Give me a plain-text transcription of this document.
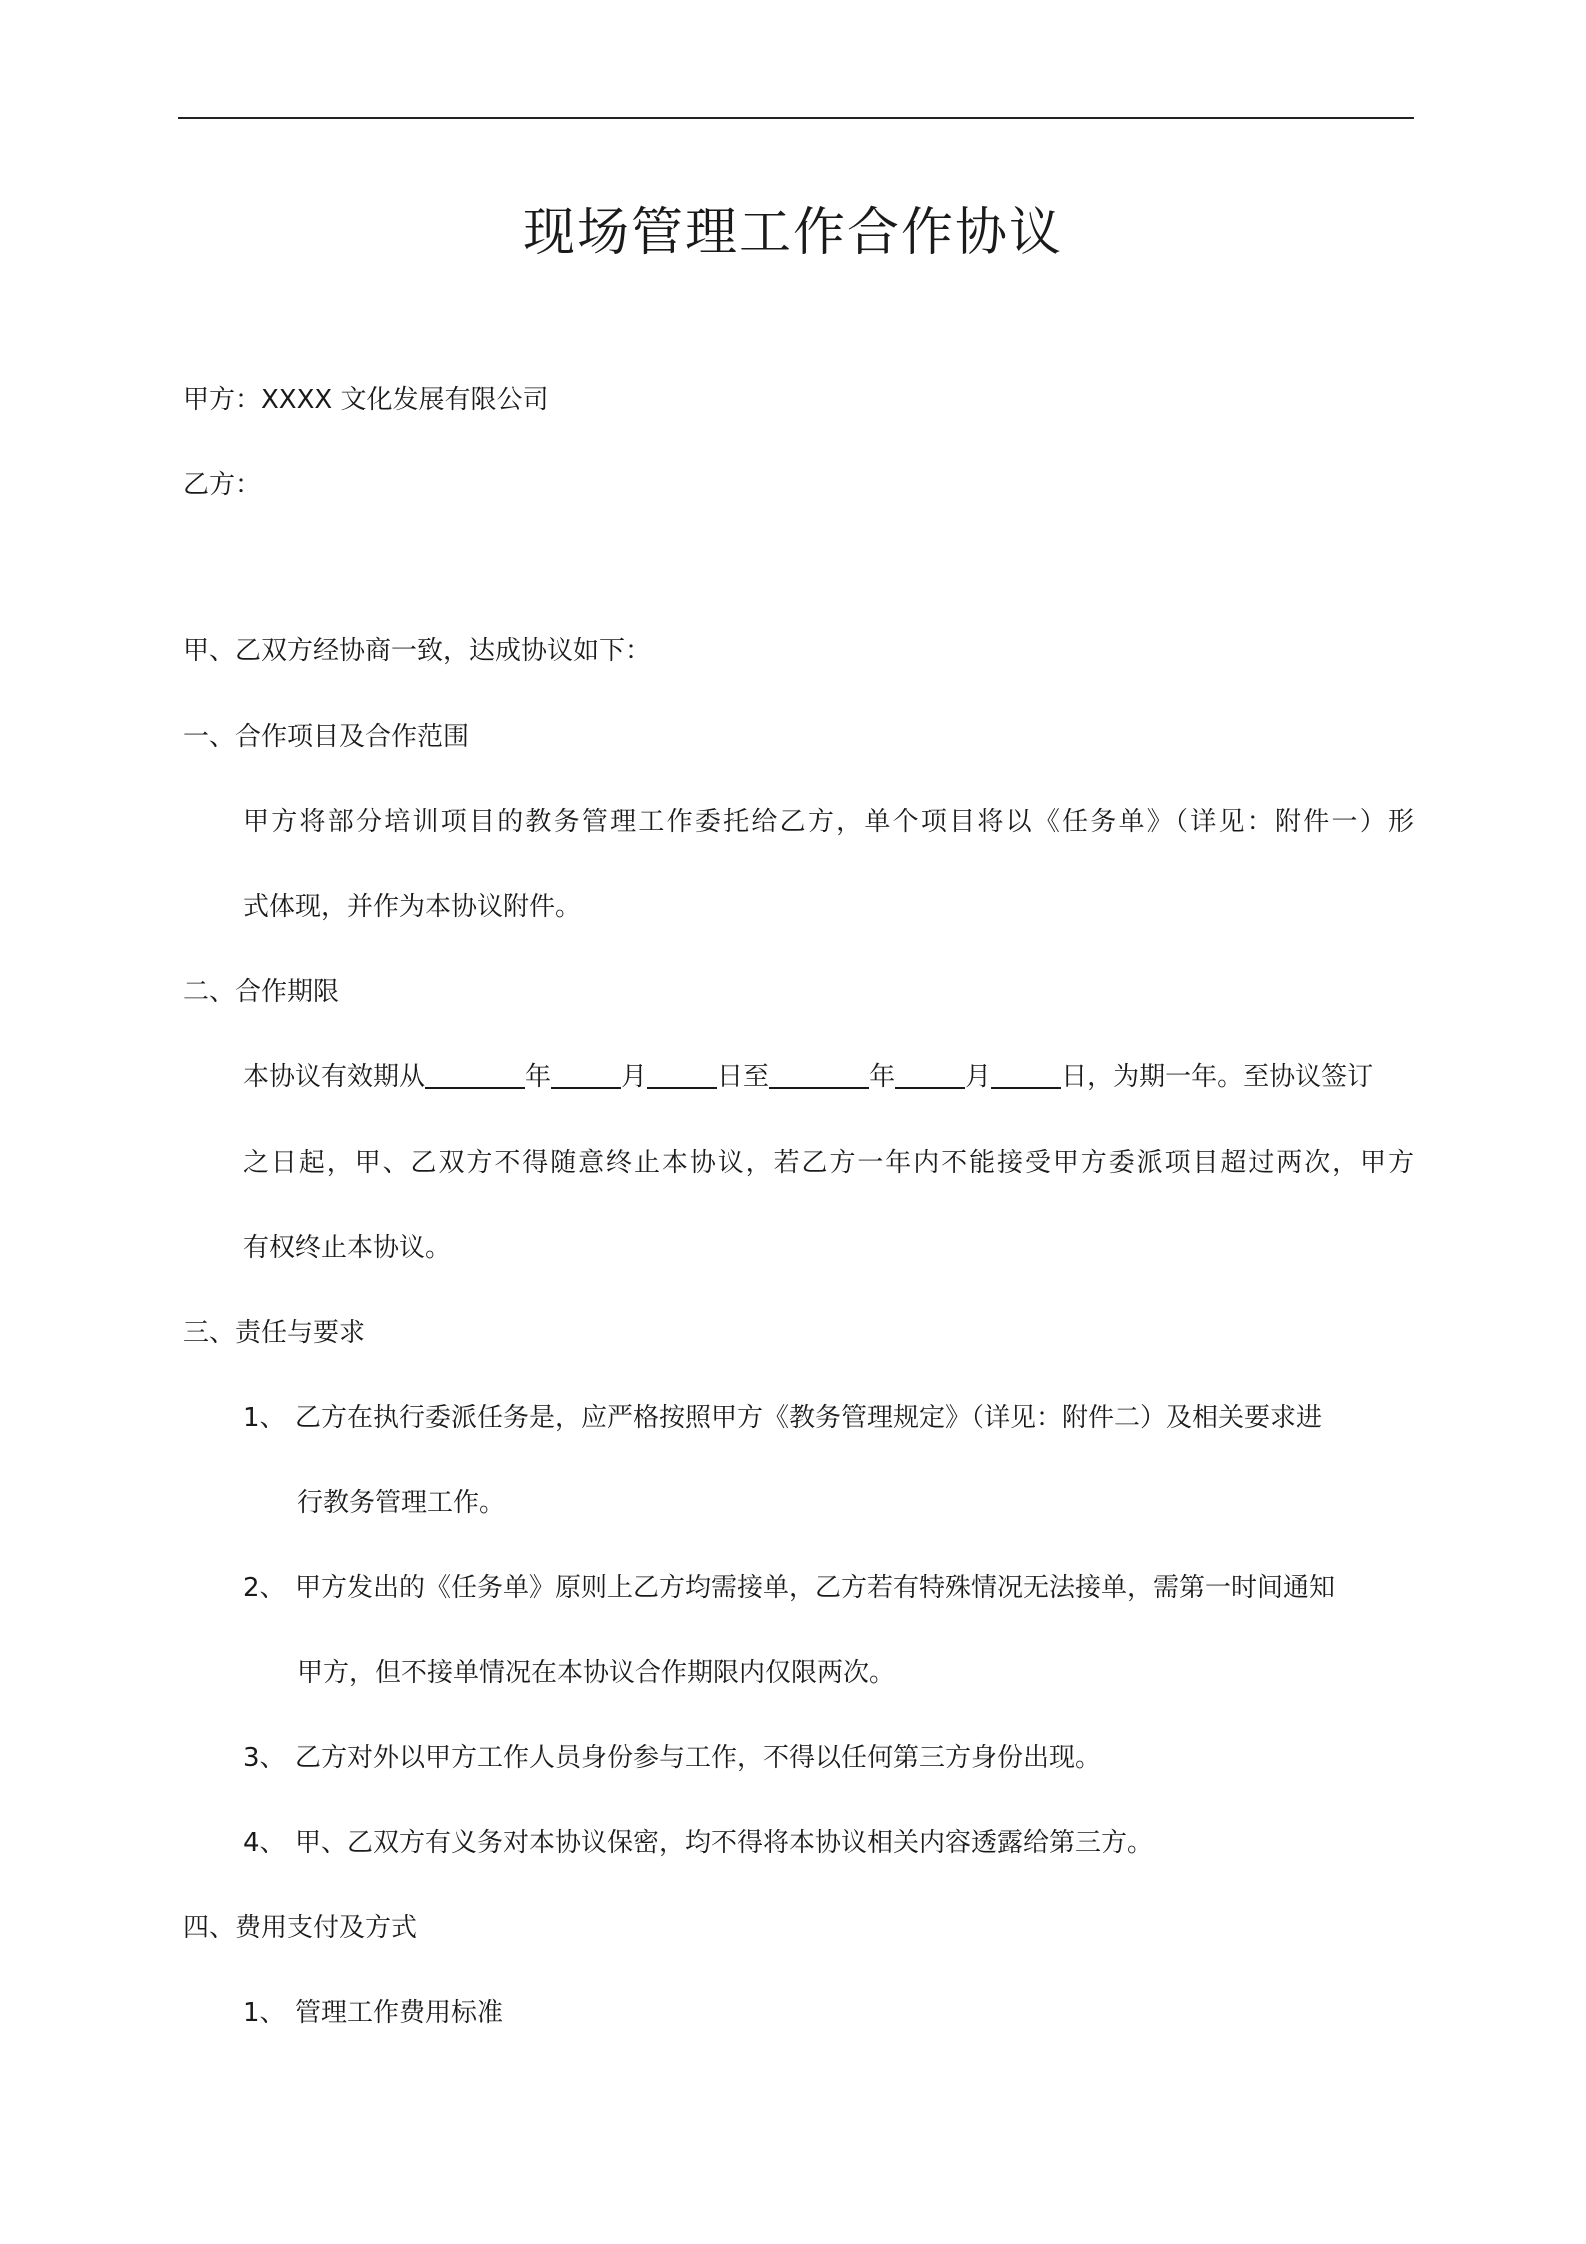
现场管理工作合作协议
甲方：XXXX 文化发展有限公司
乙方：
甲、乙双方经协商一致，达成协议如下：
一、合作项目及合作范围
甲方将部分培训项目的教务管理工作委托给乙方，单个项目将以《任务单》（详见：附件一）形
式体现，并作为本协议附件。
二、合作期限
本协议有效期从	年	月	日至	年	月	日，为期一年。至协议签订
之日起，甲、乙双方不得随意终止本协议，若乙方一年内不能接受甲方委派项目超过两次，甲方
有权终止本协议。
三、责任与要求
1、 乙方在执行委派任务是，应严格按照甲方《教务管理规定》（详见：附件二）及相关要求进
行教务管理工作。
2、 甲方发出的《任务单》原则上乙方均需接单，乙方若有特殊情况无法接单，需第一时间通知
甲方，但不接单情况在本协议合作期限内仅限两次。
3、 乙方对外以甲方工作人员身份参与工作，不得以任何第三方身份出现。
4、 甲、乙双方有义务对本协议保密，均不得将本协议相关内容透露给第三方。
四、费用支付及方式
1、 管理工作费用标准
